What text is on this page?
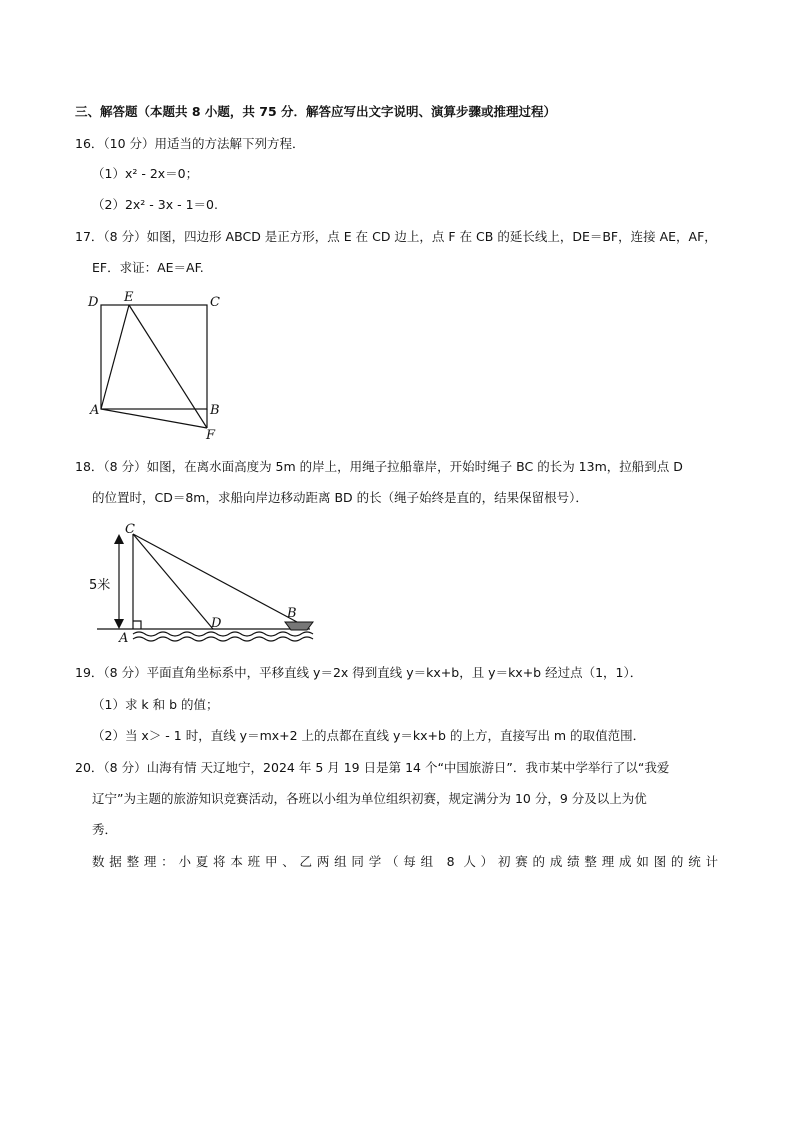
三、解答题（本题共 8 小题，共 75 分．解答应写出文字说明、演算步骤或推理过程）
16．（10 分）用适当的方法解下列方程．
（1）x² - 2x＝0；
（2）2x² - 3x - 1＝0.
17．（8 分）如图，四边形 ABCD 是正方形，点 E 在 CD 边上，点 F 在 CB 的延长线上，DE＝BF，连接 AE，AF，
EF．求证：AE＝AF.
D E	C
A	B
F
18．（8 分）如图，在离水面高度为 5m 的岸上，用绳子拉船靠岸，开始时绳子 BC 的长为 13m，拉船到点 D
的位置时，CD＝8m，求船向岸边移动距离 BD 的长（绳子始终是直的，结果保留根号）．
C
B
D
A
5米
19．（8 分）平面直角坐标系中，平移直线 y＝2x 得到直线 y＝kx+b，且 y＝kx+b 经过点（1，1）．
（1）求 k 和 b 的值；
（2）当 x＞ - 1 时，直线 y＝mx+2 上的点都在直线 y＝kx+b 的上方，直接写出 m 的取值范围．
20．（8 分）山海有情 天辽地宁，2024 年 5 月 19 日是第 14 个“中国旅游日”．我市某中学举行了以“我爱
辽宁”为主题的旅游知识竞赛活动，各班以小组为单位组织初赛，规定满分为 10 分，9 分及以上为优
秀．
数据整理：小夏将本班甲、乙两组同学（每组 8 人）初赛的成绩整理成如图的统计
